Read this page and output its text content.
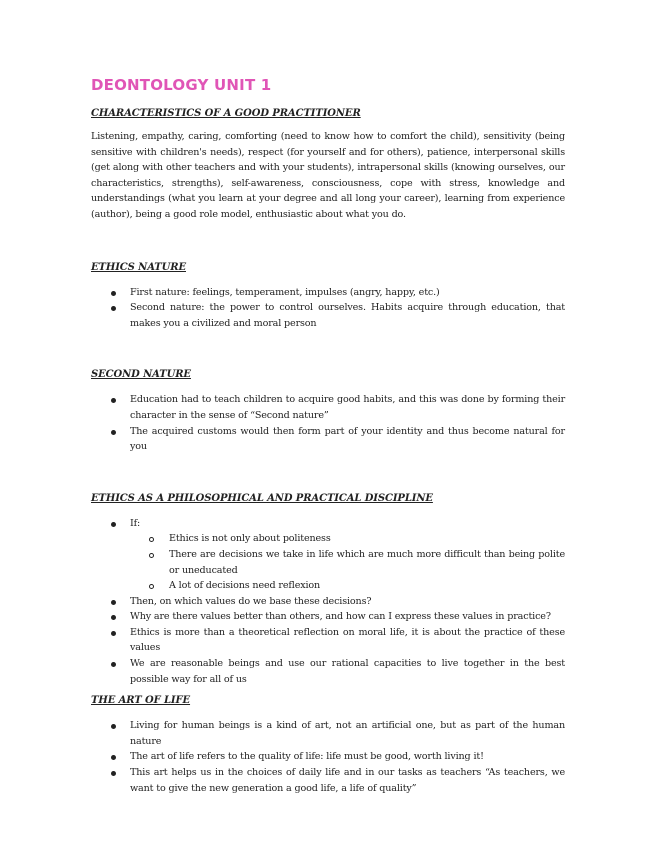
DEONTOLOGY UNIT 1
CHARACTERISTICS OF A GOOD PRACTITIONER

Listening, empathy, caring, comforting (need to know how to comfort the child), sensitivity (being sensitive with children's needs), respect (for yourself and for others), patience, interpersonal skills (get along with other teachers and with your students), intrapersonal skills (knowing ourselves, our characteristics, strengths), self-awareness, consciousness, cope with stress, knowledge and understandings (what you learn at your degree and all long your career), learning from experience (author), being a good role model, enthusiastic about what you do.

ETHICS NATURE
First nature: feelings, temperament, impulses (angry, happy, etc.)
Second nature: the power to control ourselves. Habits acquire through education, that makes you a civilized and moral person
SECOND NATURE
Education had to teach children to acquire good habits, and this was done by forming their character in the sense of “Second nature”
The acquired customs would then form part of your identity and thus become natural for you
ETHICS AS A PHILOSOPHICAL AND PRACTICAL DISCIPLINE
If:
Ethics is not only about politeness
There are decisions we take in life which are much more difficult than being polite or uneducated
A lot of decisions need reflexion
Then, on which values do we base these decisions?
Why are there values better than others, and how can I express these values in practice?
Ethics is more than a theoretical reflection on moral life, it is about the practice of these values
We are reasonable beings and use our rational capacities to live together in the best possible way for all of us
THE ART OF LIFE
Living for human beings is a kind of art, not an artificial one, but as part of the human nature
The art of life refers to the quality of life: life must be good, worth living it!
This art helps us in the choices of daily life and in our tasks as teachers “As teachers, we want to give the new generation a good life, a life of quality”
